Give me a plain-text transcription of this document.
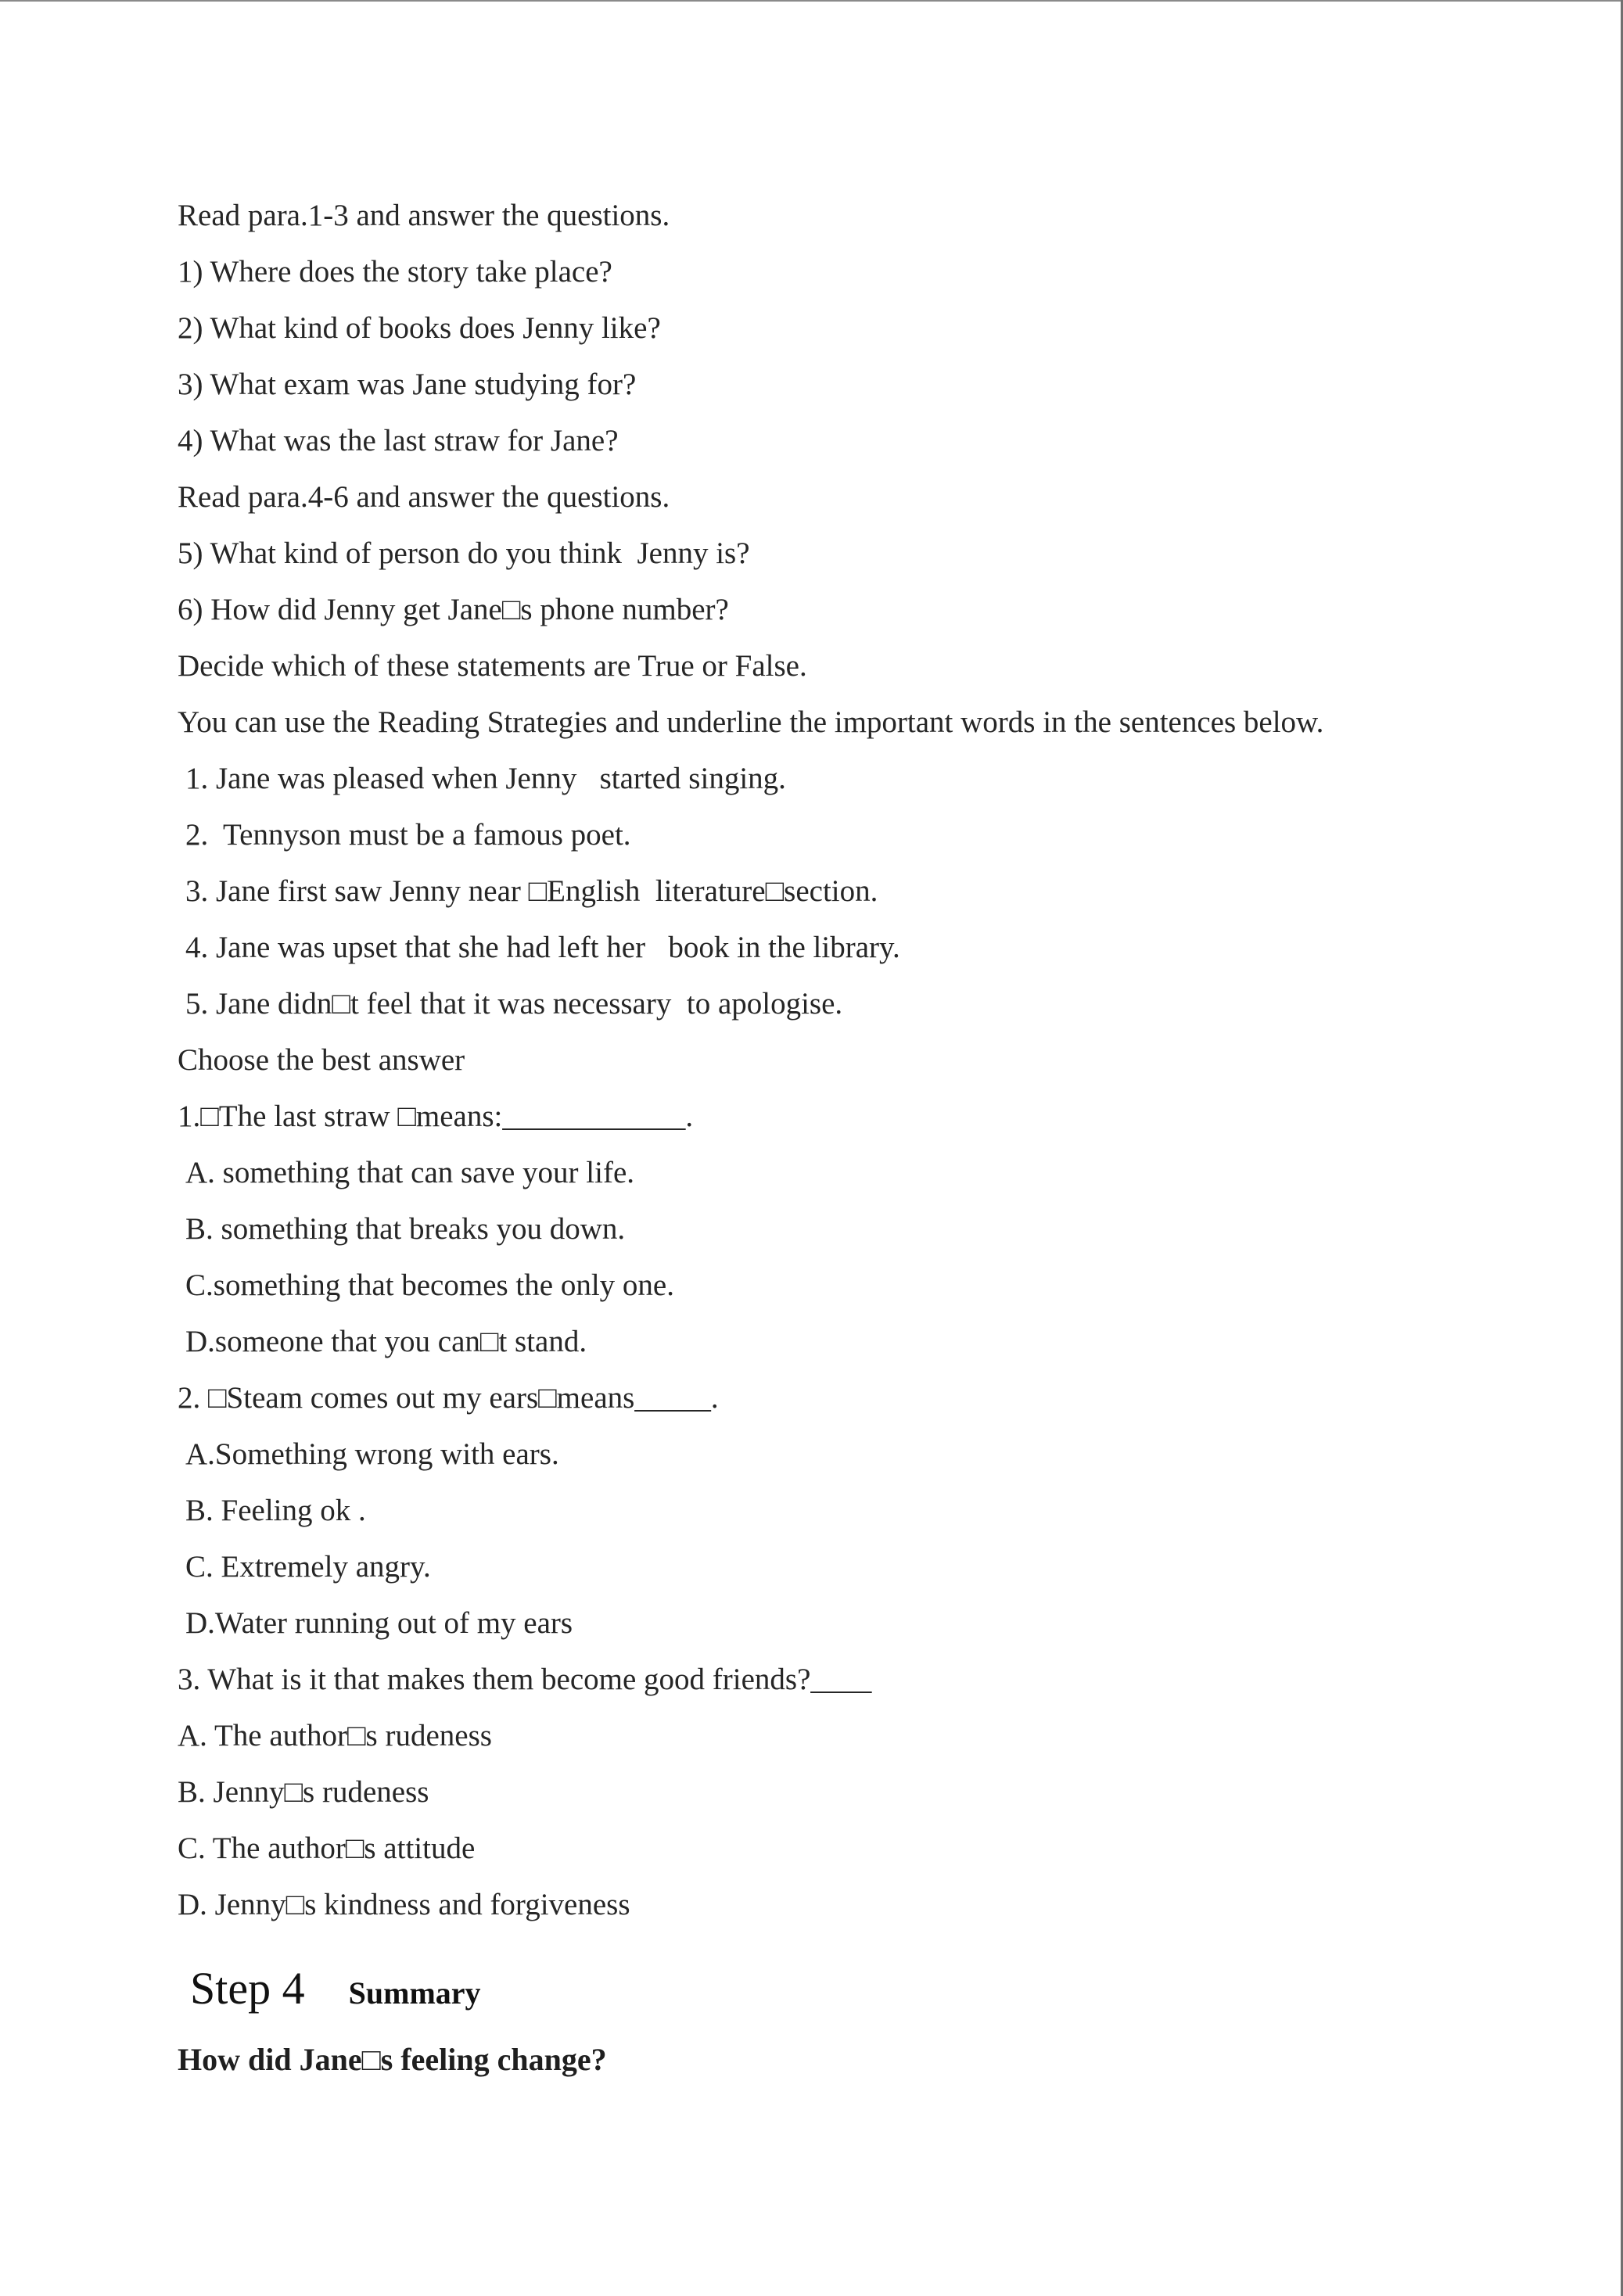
Read para.1-3 and answer the questions.
1) Where does the story take place?
2) What kind of books does Jenny like?
3) What exam was Jane studying for?
4) What was the last straw for Jane?
Read para.4-6 and answer the questions.
5) What kind of person do you think  Jenny is?
6) How did Jenny get Jane□s phone number?
Decide which of these statements are True or False.
You can use the Reading Strategies and underline the important words in the sentences below.
1. Jane was pleased when Jenny   started singing.
2.  Tennyson must be a famous poet.
3. Jane first saw Jenny near □English  literature□section.
4. Jane was upset that she had left her   book in the library.
5. Jane didn□t feel that it was necessary  to apologise.
Choose the best answer
1.□The last straw □means:____________.
A. something that can save your life.
B. something that breaks you down.
C.something that becomes the only one.
D.someone that you can□t stand.
2. □Steam comes out my ears□means_____.
A.Something wrong with ears.
B. Feeling ok .
C. Extremely angry.
D.Water running out of my ears
3. What is it that makes them become good friends?____
A. The author□s rudeness
B. Jenny□s rudeness
C. The author□s attitude
D. Jenny□s kindness and forgiveness

Step 4 Summary

How did Jane□s feeling change?
